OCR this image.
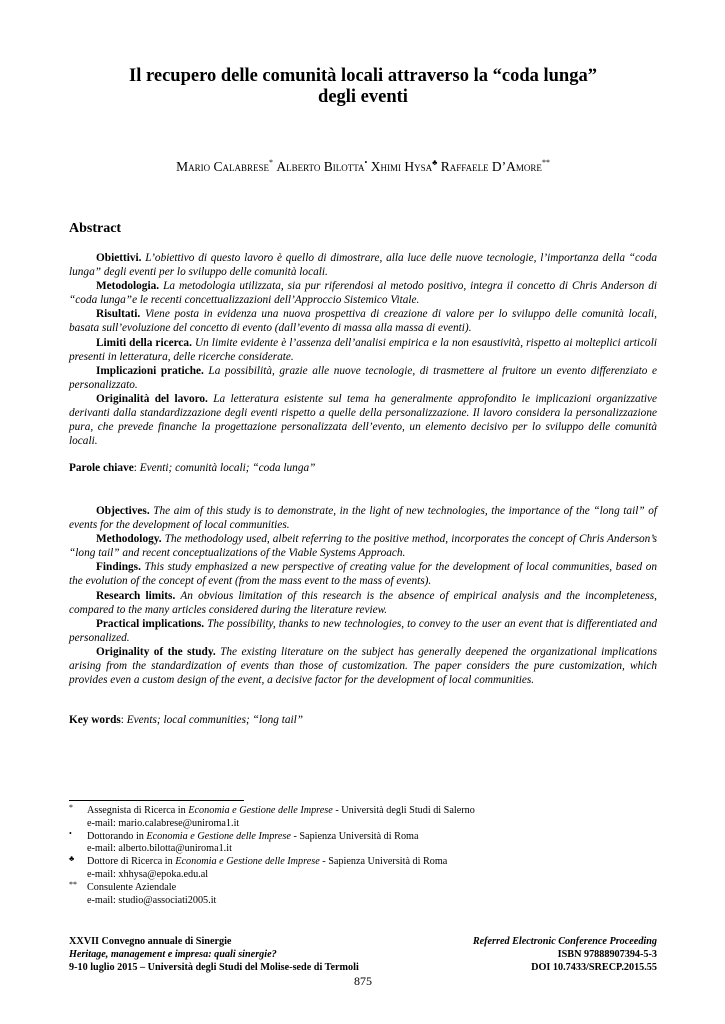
Il recupero delle comunità locali attraverso la “coda lunga”
degli eventi
Mario Calabrese* Alberto Bilotta• Xhimi Hysa♣ Raffaele D’Amore**
Abstract

Obiettivi. L’obiettivo di questo lavoro è quello di dimostrare, alla luce delle nuove tecnologie, l’importanza della “coda lunga” degli eventi per lo sviluppo delle comunità locali.

Metodologia. La metodologia utilizzata, sia pur riferendosi al metodo positivo, integra il concetto di Chris Anderson di “coda lunga”e le recenti concettualizzazioni dell’Approccio Sistemico Vitale.

Risultati. Viene posta in evidenza una nuova prospettiva di creazione di valore per lo sviluppo delle comunità locali, basata sull’evoluzione del concetto di evento (dall’evento di massa alla massa di eventi).

Limiti della ricerca. Un limite evidente è l’assenza dell’analisi empirica e la non esaustività, rispetto ai molteplici articoli presenti in letteratura, delle ricerche considerate.

Implicazioni pratiche. La possibilità, grazie alle nuove tecnologie, di trasmettere al fruitore un evento differenziato e personalizzato.

Originalità del lavoro. La letteratura esistente sul tema ha generalmente approfondito le implicazioni organizzative derivanti dalla standardizzazione degli eventi rispetto a quelle della personalizzazione. Il lavoro considera la personalizzazione pura, che prevede finanche la progettazione personalizzata dell’evento, un elemento decisivo per lo sviluppo delle comunità locali.

Parole chiave: Eventi; comunità locali; “coda lunga”

Objectives. The aim of this study is to demonstrate, in the light of new technologies, the importance of the “long tail” of events for the development of local communities.

Methodology. The methodology used, albeit referring to the positive method, incorporates the concept of Chris Anderson’s “long tail” and recent conceptualizations of the Viable Systems Approach.

Findings. This study emphasized a new perspective of creating value for the development of local communities, based on the evolution of the concept of event (from the mass event to the mass of events).

Research limits. An obvious limitation of this research is the absence of empirical analysis and the incompleteness, compared to the many articles considered during the literature review.

Practical implications. The possibility, thanks to new technologies, to convey to the user an event that is differentiated and personalized.

Originality of the study. The existing literature on the subject has generally deepened the organizational implications arising from the standardization of events than those of customization. The paper considers the pure customization, which provides even a custom design of the event, a decisive factor for the development of local communities.

Key words: Events; local communities; “long tail”
* Assegnista di Ricerca in Economia e Gestione delle Imprese - Università degli Studi di Salerno
e-mail: mario.calabrese@uniroma1.it
• Dottorando in Economia e Gestione delle Imprese - Sapienza Università di Roma
e-mail: alberto.bilotta@uniroma1.it
♣ Dottore di Ricerca in Economia e Gestione delle Imprese - Sapienza Università di Roma
e-mail: xhhysa@epoka.edu.al
** Consulente Aziendale
e-mail: studio@associati2005.it
XXVII Convegno annuale di Sinergie
Heritage, management e impresa: quali sinergie?
9-10 luglio 2015 – Università degli Studi del Molise-sede di Termoli
Referred Electronic Conference Proceeding
ISBN 97888907394-5-3
DOI 10.7433/SRECP.2015.55
875
